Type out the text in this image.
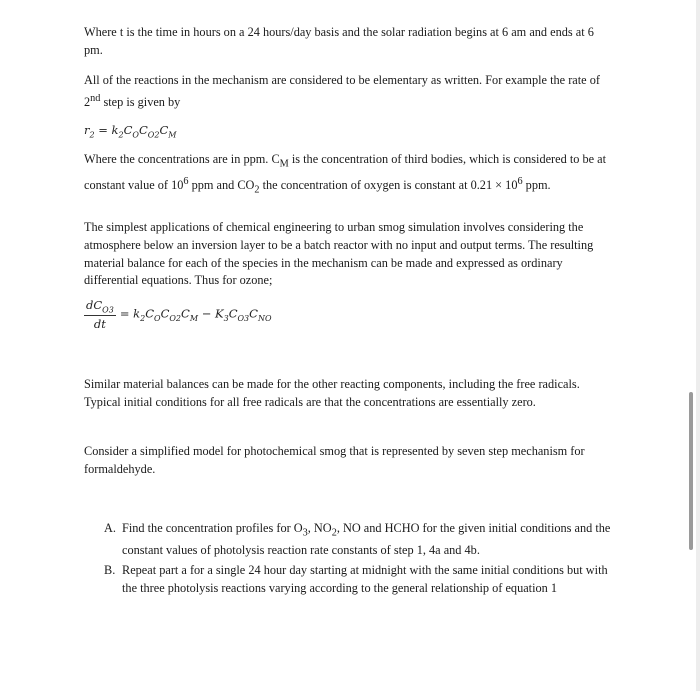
Where t is the time in hours on a 24 hours/day basis and the solar radiation begins at 6 am and ends at 6 pm.

All of the reactions in the mechanism are considered to be elementary as written. For example the rate of 2nd step is given by

$r_2 = k_2C_OC_{O2}C_M$

Where the concentrations are in ppm. $C_M$ is the concentration of third bodies, which is considered to be at constant value of $10^6$ ppm and $CO_2$ the concentration of oxygen is constant at $0.21 \times 10^6$ ppm.

The simplest applications of chemical engineering to urban smog simulation involves considering the atmosphere below an inversion layer to be a batch reactor with no input and output terms. The resulting material balance for each of the species in the mechanism can be made and expressed as ordinary differential equations. Thus for ozone;

$\frac{dC_{O3}}{dt} = k_2C_OC_{O2}C_M - K_3C_{O3}C_{NO}$

Similar material balances can be made for the other reacting components, including the free radicals. Typical initial conditions for all free radicals are that the concentrations are essentially zero.

Consider a simplified model for photochemical smog that is represented by seven step mechanism for formaldehyde.

A. Find the concentration profiles for $O_3$, $NO_2$, NO and HCHO for the given initial conditions and the constant values of photolysis reaction rate constants of step 1, 4a and 4b.
B. Repeat part a for a single 24 hour day starting at midnight with the same initial conditions but with the three photolysis reactions varying according to the general relationship of equation 1
